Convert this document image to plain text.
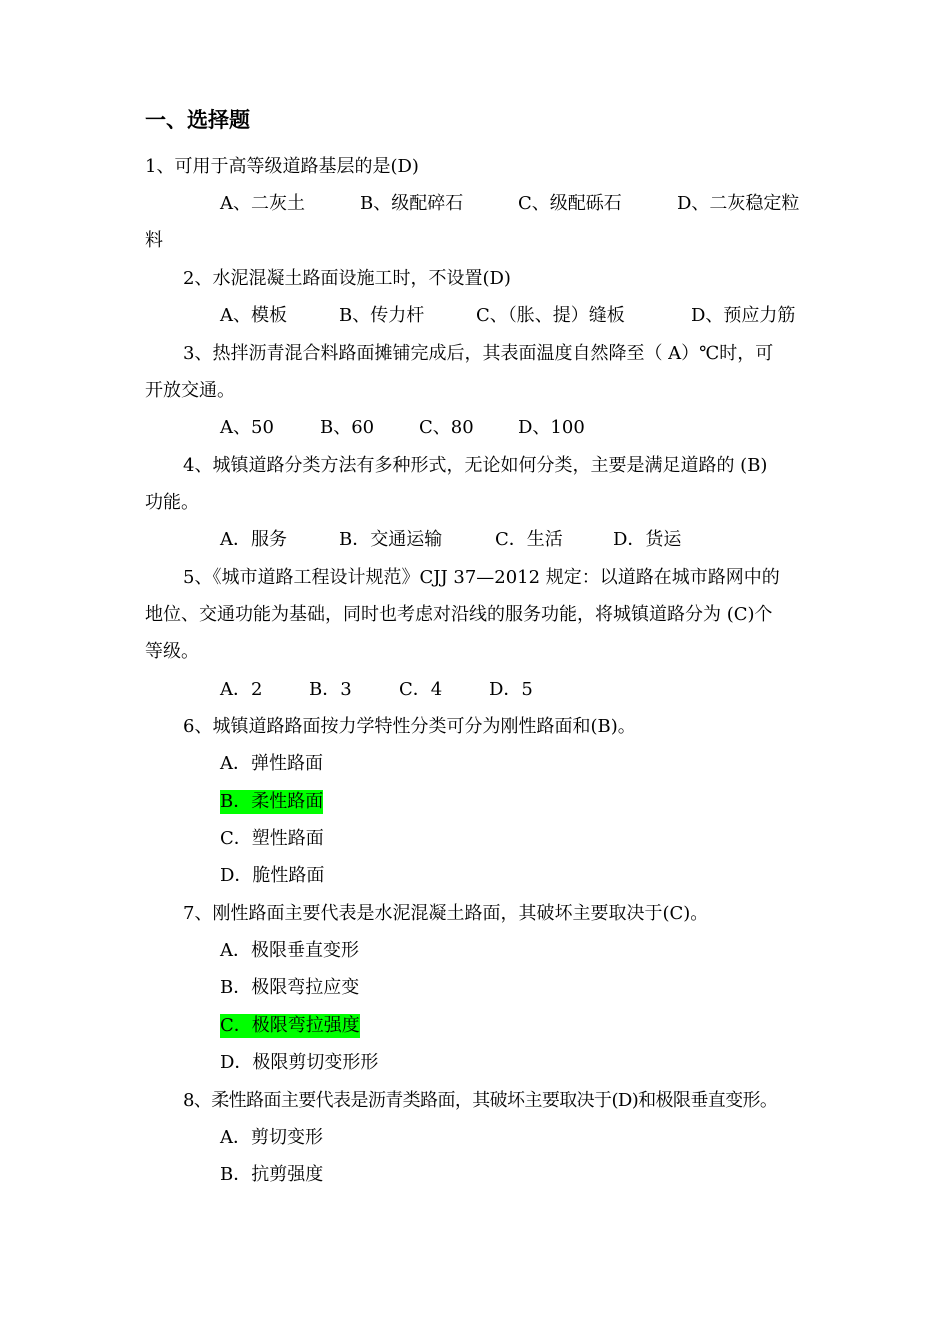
一、选择题
1、可用于高等级道路基层的是(D)
A、二灰土	B、级配碎石	C、级配砾石	D、二灰稳定粒
料
2、水泥混凝土路面设施工时，不设置(D)
A、模板	B、传力杆	C、（胀、提）缝板	D、预应力筋
3、热拌沥青混合料路面摊铺完成后，其表面温度自然降至（ A）℃时，可
开放交通。
A、50	B、60 C、80 D、100
4、城镇道路分类方法有多种形式，无论如何分类，主要是满足道路的 (B)
功能。
A．服务	B．交通运输	C．生活	D．货运
5、《城市道路工程设计规范》CJJ 37—2012 规定：以道路在城市路网中的
地位、交通功能为基础，同时也考虑对沿线的服务功能，将城镇道路分为 (C)个
等级。
A．2	B．3	C．4	D．5
6、城镇道路路面按力学特性分类可分为刚性路面和(B)。
A．弹性路面
B．柔性路面
C．塑性路面
D．脆性路面
7、刚性路面主要代表是水泥混凝土路面，其破坏主要取决于(C)。
A．极限垂直变形
B．极限弯拉应变
C．极限弯拉强度
D．极限剪切变形形
8、柔性路面主要代表是沥青类路面，其破坏主要取决于(D)和极限垂直变形。
A．剪切变形
B．抗剪强度
